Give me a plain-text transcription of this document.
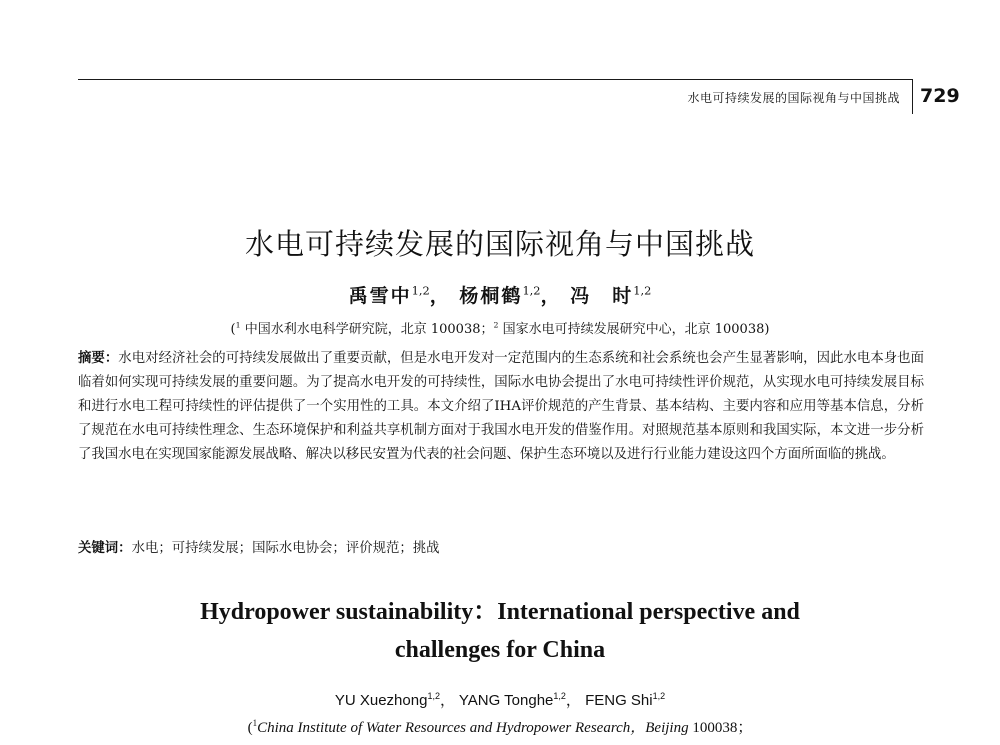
水电可持续发展的国际视角与中国挑战 729
水电可持续发展的国际视角与中国挑战
禹雪中$^{1,2}$， 杨桐鹤$^{1,2}$， 冯　时$^{1,2}$
($^1$ 中国水利水电科学研究院，北京 100038；$^2$ 国家水电可持续发展研究中心，北京 100038)
摘要：水电对经济社会的可持续发展做出了重要贡献，但是水电开发对一定范围内的生态系统和社会系统也会产生显著影响，因此水电本身也面临着如何实现可持续发展的重要问题。为了提高水电开发的可持续性，国际水电协会提出了水电可持续性评价规范，从实现水电可持续发展目标和进行水电工程可持续性的评估提供了一个实用性的工具。本文介绍了IHA评价规范的产生背景、基本结构、主要内容和应用等基本信息，分析了规范在水电可持续性理念、生态环境保护和利益共享机制方面对于我国水电开发的借鉴作用。对照规范基本原则和我国实际，本文进一步分析了我国水电在实现国家能源发展战略、解决以移民安置为代表的社会问题、保护生态环境以及进行行业能力建设这四个方面所面临的挑战。
关键词：水电；可持续发展；国际水电协会；评价规范；挑战
Hydropower sustainability：International perspective and
challenges for China
YU Xuezhong$^{1,2}$， YANG Tonghe$^{1,2}$， FENG Shi$^{1,2}$
($^1$China Institute of Water Resources and Hydropower Research，Beijing 100038；
